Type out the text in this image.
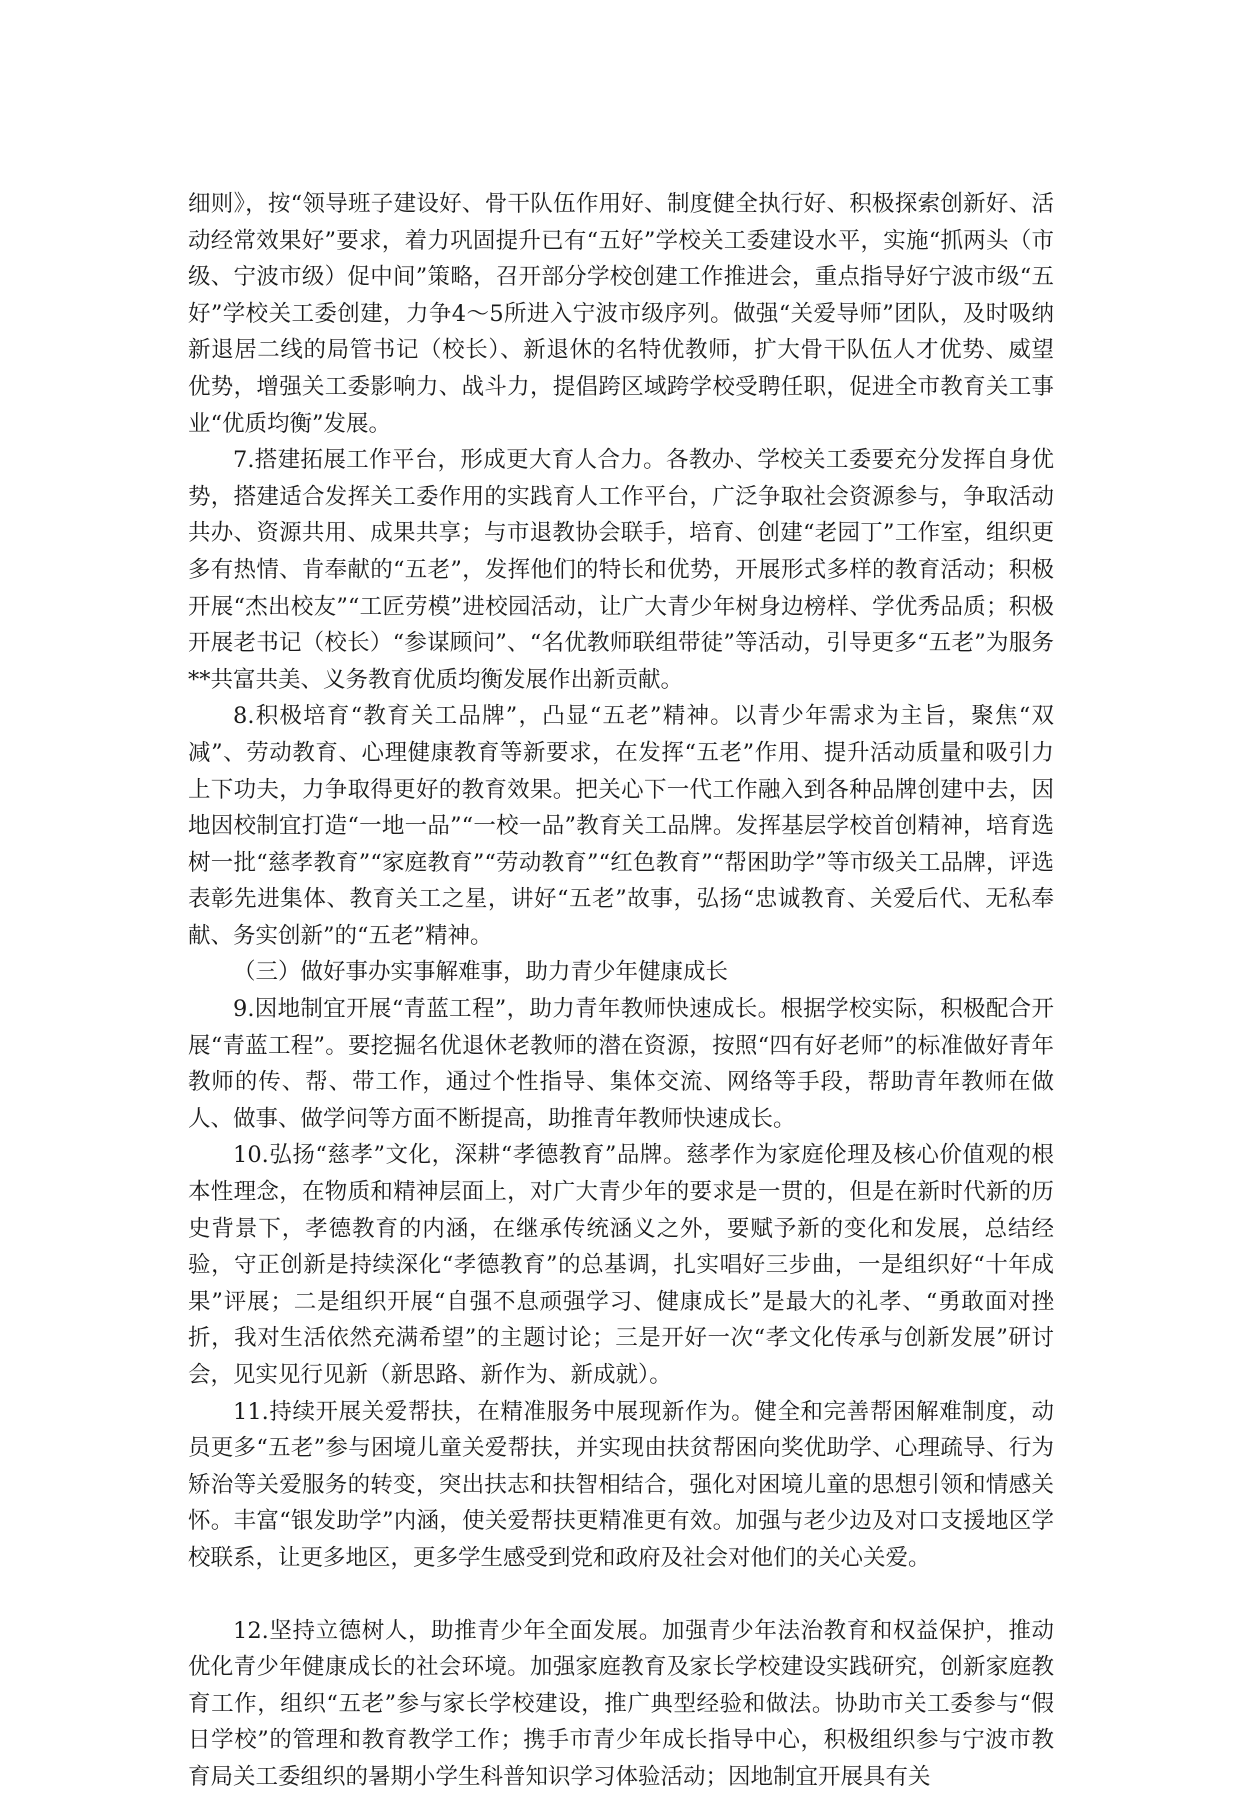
细则》，按“领导班子建设好、骨干队伍作用好、制度健全执行好、积极探索创新好、活动经常效果好”要求，着力巩固提升已有“五好”学校关工委建设水平，实施“抓两头（市级、宁波市级）促中间”策略，召开部分学校创建工作推进会，重点指导好宁波市级“五好”学校关工委创建，力争4～5所进入宁波市级序列。做强“关爱导师”团队，及时吸纳新退居二线的局管书记（校长）、新退休的名特优教师，扩大骨干队伍人才优势、威望优势，增强关工委影响力、战斗力，提倡跨区域跨学校受聘任职，促进全市教育关工事业“优质均衡”发展。

7.搭建拓展工作平台，形成更大育人合力。各教办、学校关工委要充分发挥自身优势，搭建适合发挥关工委作用的实践育人工作平台，广泛争取社会资源参与，争取活动共办、资源共用、成果共享；与市退教协会联手，培育、创建“老园丁”工作室，组织更多有热情、肯奉献的“五老”，发挥他们的特长和优势，开展形式多样的教育活动；积极开展“杰出校友”“工匠劳模”进校园活动，让广大青少年树身边榜样、学优秀品质；积极开展老书记（校长）“参谋顾问”、“名优教师联组带徒”等活动，引导更多“五老”为服务**共富共美、义务教育优质均衡发展作出新贡献。

8.积极培育“教育关工品牌”，凸显“五老”精神。以青少年需求为主旨，聚焦“双减”、劳动教育、心理健康教育等新要求，在发挥“五老”作用、提升活动质量和吸引力上下功夫，力争取得更好的教育效果。把关心下一代工作融入到各种品牌创建中去，因地因校制宜打造“一地一品”“一校一品”教育关工品牌。发挥基层学校首创精神，培育选树一批“慈孝教育”“家庭教育”“劳动教育”“红色教育”“帮困助学”等市级关工品牌，评选表彰先进集体、教育关工之星，讲好“五老”故事，弘扬“忠诚教育、关爱后代、无私奉献、务实创新”的“五老”精神。

（三）做好事办实事解难事，助力青少年健康成长

9.因地制宜开展“青蓝工程”，助力青年教师快速成长。根据学校实际，积极配合开展“青蓝工程”。要挖掘名优退休老教师的潜在资源，按照“四有好老师”的标准做好青年教师的传、帮、带工作，通过个性指导、集体交流、网络等手段，帮助青年教师在做人、做事、做学问等方面不断提高，助推青年教师快速成长。

10.弘扬“慈孝”文化，深耕“孝德教育”品牌。慈孝作为家庭伦理及核心价值观的根本性理念，在物质和精神层面上，对广大青少年的要求是一贯的，但是在新时代新的历史背景下，孝德教育的内涵，在继承传统涵义之外，要赋予新的变化和发展，总结经验，守正创新是持续深化“孝德教育”的总基调，扎实唱好三步曲，一是组织好“十年成果”评展；二是组织开展“自强不息顽强学习、健康成长”是最大的礼孝、“勇敢面对挫折，我对生活依然充满希望”的主题讨论；三是开好一次“孝文化传承与创新发展”研讨会，见实见行见新（新思路、新作为、新成就）。

11.持续开展关爱帮扶，在精准服务中展现新作为。健全和完善帮困解难制度，动员更多“五老”参与困境儿童关爱帮扶，并实现由扶贫帮困向奖优助学、心理疏导、行为矫治等关爱服务的转变，突出扶志和扶智相结合，强化对困境儿童的思想引领和情感关怀。丰富“银发助学”内涵，使关爱帮扶更精准更有效。加强与老少边及对口支援地区学校联系，让更多地区，更多学生感受到党和政府及社会对他们的关心关爱。

12.坚持立德树人，助推青少年全面发展。加强青少年法治教育和权益保护，推动优化青少年健康成长的社会环境。加强家庭教育及家长学校建设实践研究，创新家庭教育工作，组织“五老”参与家长学校建设，推广典型经验和做法。协助市关工委参与“假日学校”的管理和教育教学工作；携手市青少年成长指导中心，积极组织参与宁波市教育局关工委组织的暑期小学生科普知识学习体验活动；因地制宜开展具有关
